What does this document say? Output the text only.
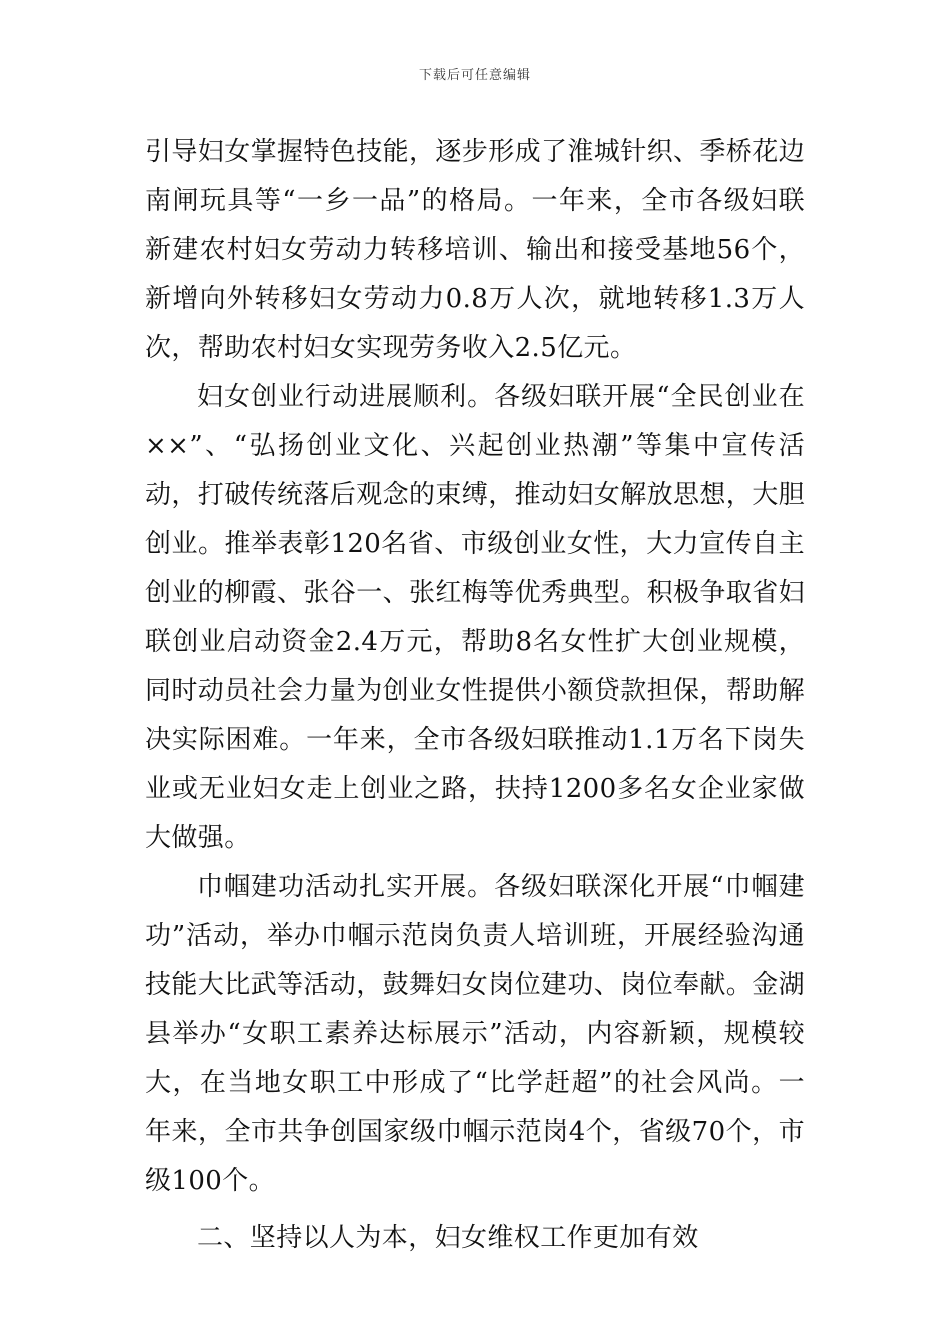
下载后可任意编辑

引导妇女掌握特色技能，逐步形成了淮城针织、季桥花边南闸玩具等“一乡一品”的格局。一年来，全市各级妇联新建农村妇女劳动力转移培训、输出和接受基地56个，新增向外转移妇女劳动力0.8万人次，就地转移1.3万人次，帮助农村妇女实现劳务收入2.5亿元。

妇女创业行动进展顺利。各级妇联开展“全民创业在××”、“弘扬创业文化、兴起创业热潮”等集中宣传活动，打破传统落后观念的束缚，推动妇女解放思想，大胆创业。推举表彰120名省、市级创业女性，大力宣传自主创业的柳霞、张谷一、张红梅等优秀典型。积极争取省妇联创业启动资金2.4万元，帮助8名女性扩大创业规模，同时动员社会力量为创业女性提供小额贷款担保，帮助解决实际困难。一年来，全市各级妇联推动1.1万名下岗失业或无业妇女走上创业之路，扶持1200多名女企业家做大做强。

巾帼建功活动扎实开展。各级妇联深化开展“巾帼建功”活动，举办巾帼示范岗负责人培训班，开展经验沟通技能大比武等活动，鼓舞妇女岗位建功、岗位奉献。金湖县举办“女职工素养达标展示”活动，内容新颖，规模较大，在当地女职工中形成了“比学赶超”的社会风尚。一年来，全市共争创国家级巾帼示范岗4个，省级70个，市级100个。

二、坚持以人为本，妇女维权工作更加有效
